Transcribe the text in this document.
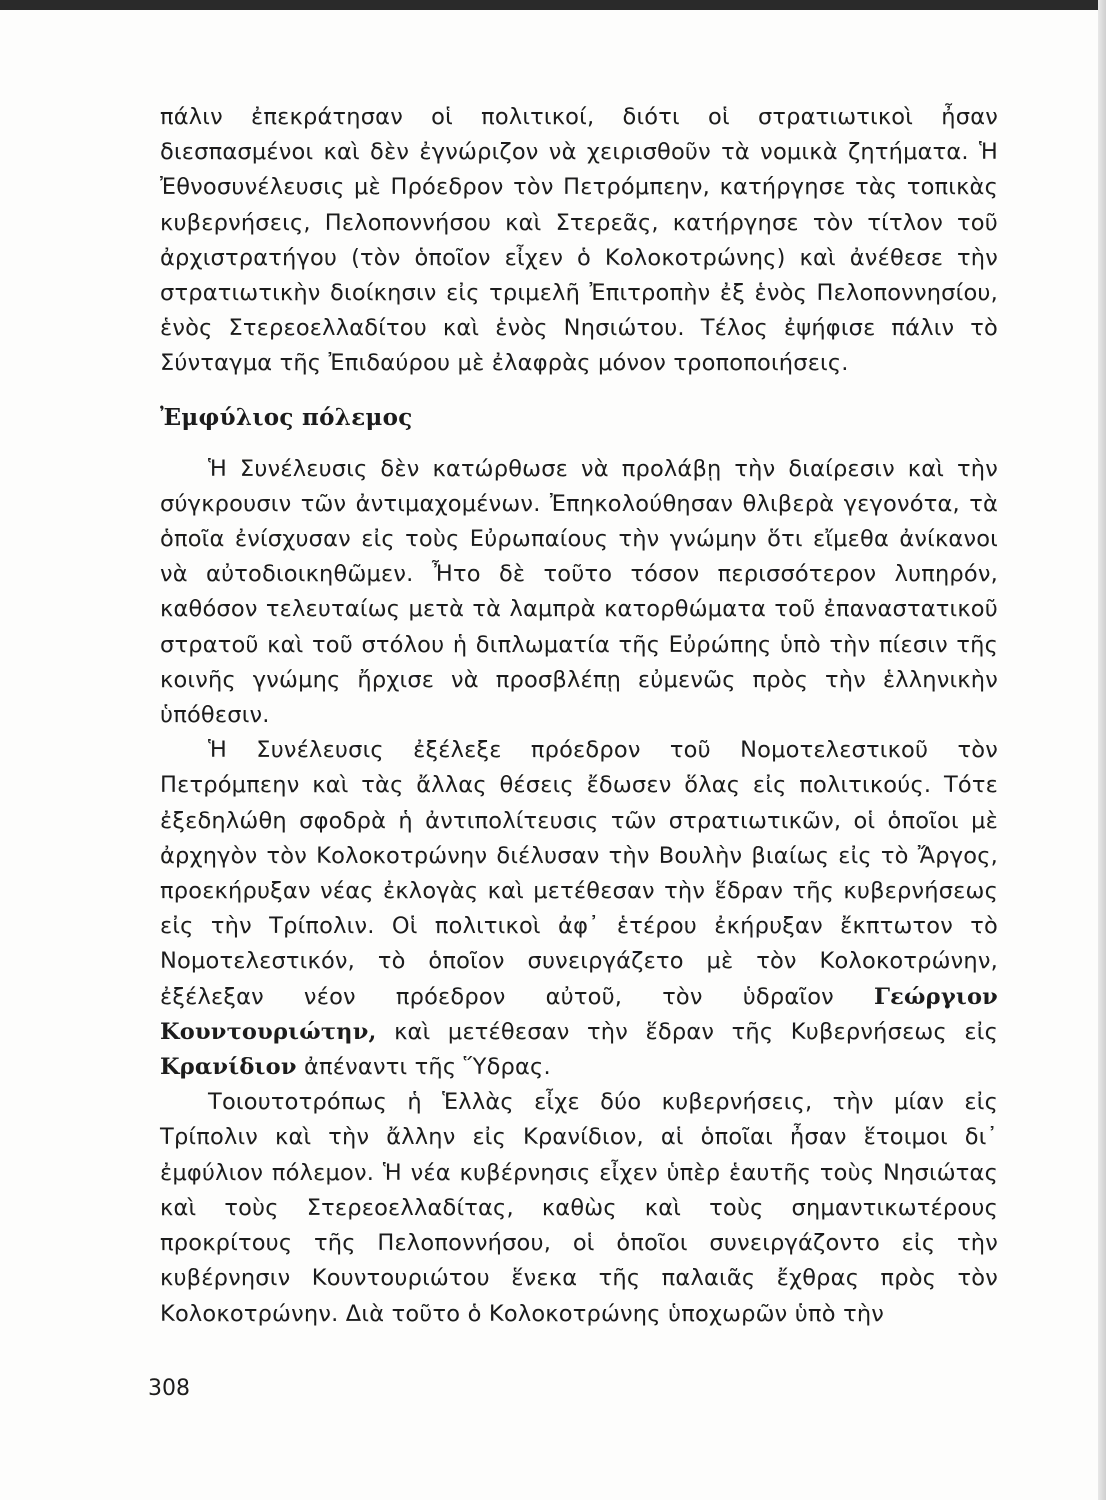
πάλιν ἐπεκράτησαν οἱ πολιτικοί, διότι οἱ στρατιωτικοὶ ἦσαν διεσπασμένοι καὶ δὲν ἐγνώριζον νὰ χειρισθοῦν τὰ νομικὰ ζητήματα. Ἡ Ἐθνοσυνέλευσις μὲ Πρόεδρον τὸν Πετρόμπεην, κατήργησε τὰς τοπικὰς κυβερνήσεις, Πελοποννήσου καὶ Στερεᾶς, κατήργησε τὸν τίτλον τοῦ ἀρχιστρατήγου (τὸν ὁποῖον εἶχεν ὁ Κολοκοτρώνης) καὶ ἀνέθεσε τὴν στρατιωτικὴν διοίκησιν εἰς τριμελῆ Ἐπιτροπὴν ἐξ ἑνὸς Πελοποννησίου, ἑνὸς Στερεοελλαδίτου καὶ ἑνὸς Νησιώτου. Τέλος ἐψήφισε πάλιν τὸ Σύνταγμα τῆς Ἐπιδαύρου μὲ ἐλαφρὰς μόνον τροποποιήσεις.

Ἐμφύλιος πόλεμος

Ἡ Συνέλευσις δὲν κατώρθωσε νὰ προλάβῃ τὴν διαίρεσιν καὶ τὴν σύγκρουσιν τῶν ἀντιμαχομένων. Ἐπηκολούθησαν θλιβερὰ γεγονότα, τὰ ὁποῖα ἐνίσχυσαν εἰς τοὺς Εὐρωπαίους τὴν γνώμην ὅτι εἴμεθα ἀνίκανοι νὰ αὐτοδιοικηθῶμεν. Ἦτο δὲ τοῦτο τόσον περισσότερον λυπηρόν, καθόσον τελευταίως μετὰ τὰ λαμπρὰ κατορθώματα τοῦ ἐπαναστατικοῦ στρατοῦ καὶ τοῦ στόλου ἡ διπλωματία τῆς Εὐρώπης ὑπὸ τὴν πίεσιν τῆς κοινῆς γνώμης ἤρχισε νὰ προσβλέπῃ εὐμενῶς πρὸς τὴν ἑλληνικὴν ὑπόθεσιν.

Ἡ Συνέλευσις ἐξέλεξε πρόεδρον τοῦ Νομοτελεστικοῦ τὸν Πετρόμπεην καὶ τὰς ἄλλας θέσεις ἔδωσεν ὅλας εἰς πολιτικούς. Τότε ἐξεδηλώθη σφοδρὰ ἡ ἀντιπολίτευσις τῶν στρατιωτικῶν, οἱ ὁποῖοι μὲ ἀρχηγὸν τὸν Κολοκοτρώνην διέλυσαν τὴν Βουλὴν βιαίως εἰς τὸ Ἄργος, προεκήρυξαν νέας ἐκλογὰς καὶ μετέθεσαν τὴν ἕδραν τῆς κυβερνήσεως εἰς τὴν Τρίπολιν. Οἱ πολιτικοὶ ἀφ᾽ ἑτέρου ἐκήρυξαν ἔκπτωτον τὸ Νομοτελεστικόν, τὸ ὁποῖον συνειργάζετο μὲ τὸν Κολοκοτρώνην, ἐξέλεξαν νέον πρόεδρον αὐτοῦ, τὸν ὑδραῖον Γεώργιον Κουντουριώτην, καὶ μετέθεσαν τὴν ἕδραν τῆς Κυβερνήσεως εἰς Κρανίδιον ἀπέναντι τῆς Ὕδρας.

Τοιουτοτρόπως ἡ Ἑλλὰς εἶχε δύο κυβερνήσεις, τὴν μίαν εἰς Τρίπολιν καὶ τὴν ἄλλην εἰς Κρανίδιον, αἱ ὁποῖαι ἦσαν ἕτοιμοι δι᾽ ἐμφύλιον πόλεμον. Ἡ νέα κυβέρνησις εἶχεν ὑπὲρ ἑαυτῆς τοὺς Νησιώτας καὶ τοὺς Στερεοελλαδίτας, καθὼς καὶ τοὺς σημαντικωτέρους προκρίτους τῆς Πελοποννήσου, οἱ ὁποῖοι συνειργάζοντο εἰς τὴν κυβέρνησιν Κουντουριώτου ἕνεκα τῆς παλαιᾶς ἔχθρας πρὸς τὸν Κολοκοτρώνην. Διὰ τοῦτο ὁ Κολοκοτρώνης ὑποχωρῶν ὑπὸ τὴν

308
